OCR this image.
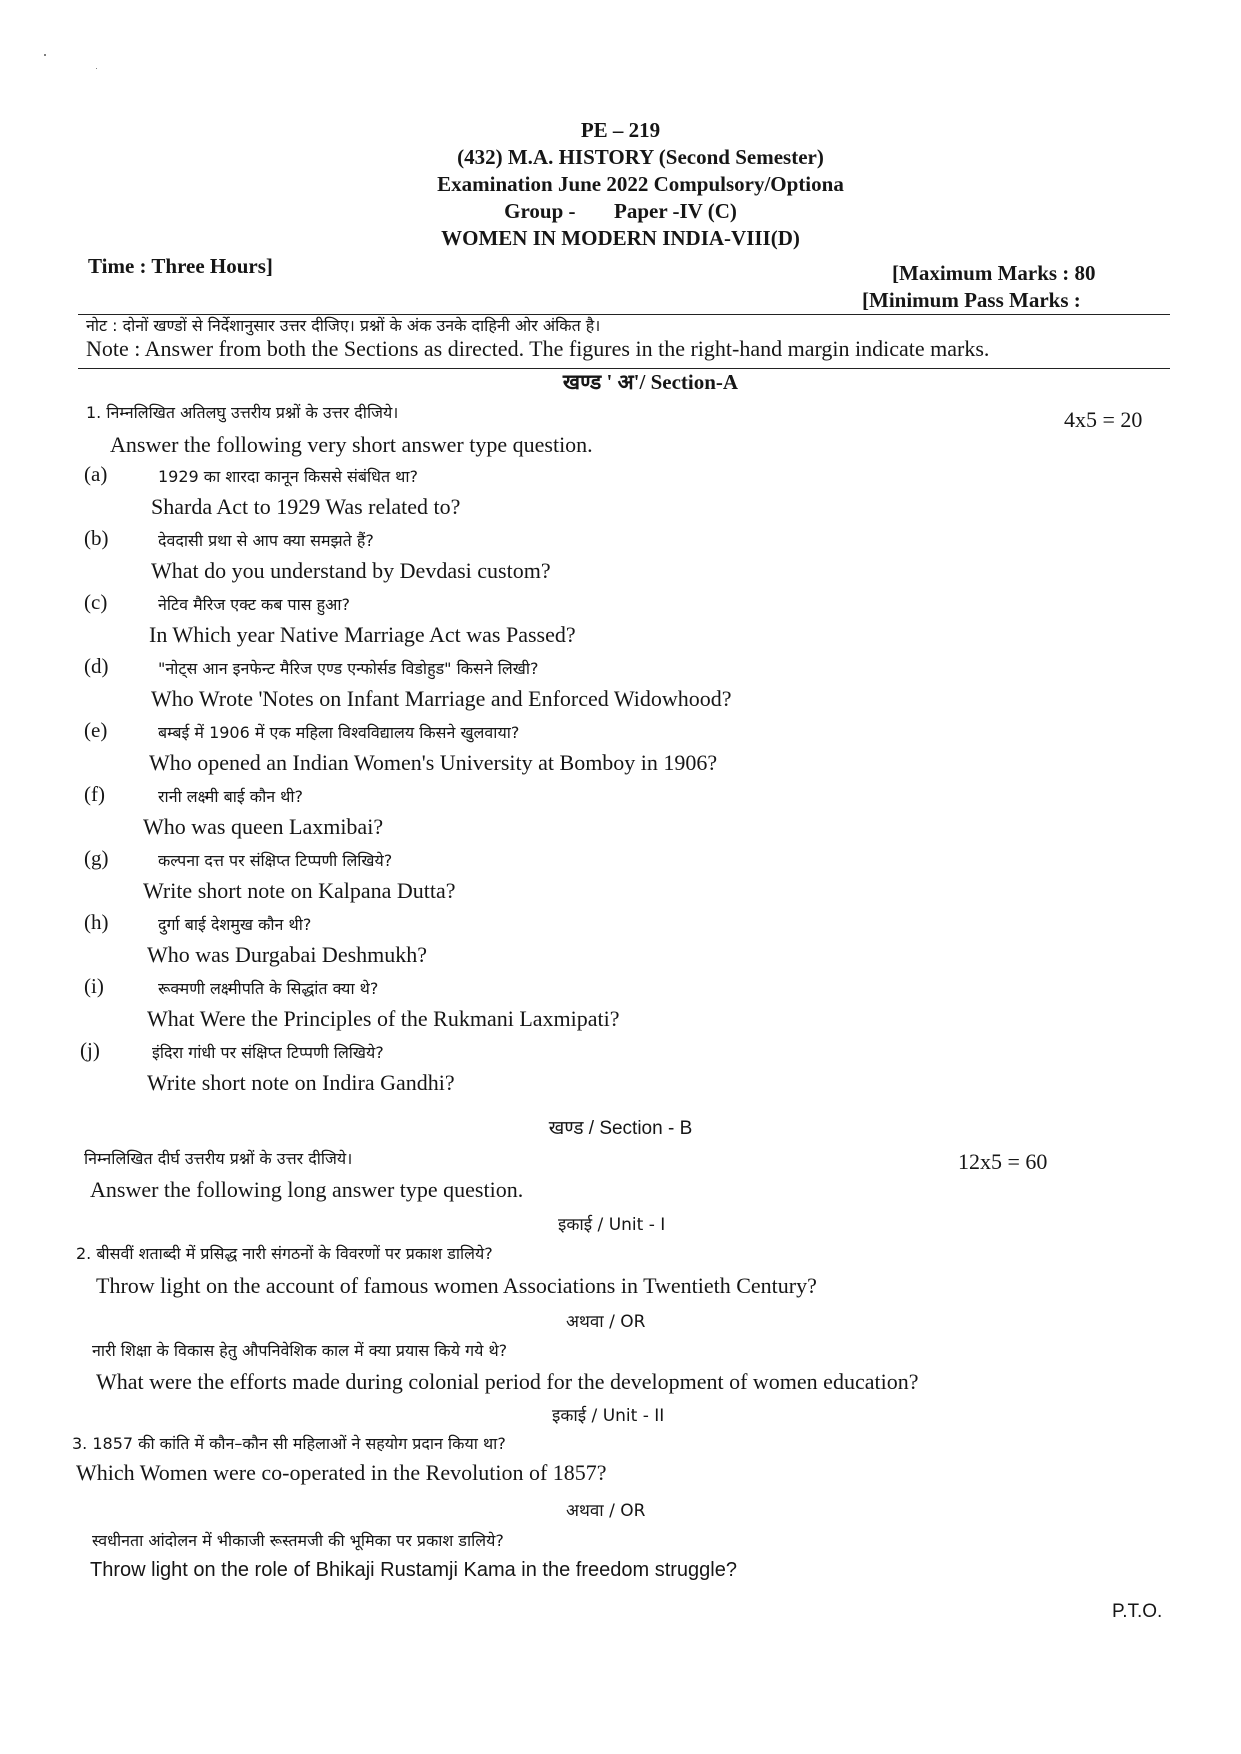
PE – 219
(432) M.A. HISTORY (Second Semester)
Examination June 2022 Compulsory/Optiona
Group - Paper -IV (C)
WOMEN IN MODERN INDIA-VIII(D)
Time : Three Hours]	[Maximum Marks : 80
[Minimum Pass Marks :
नोट : दोनों खण्डों से निर्देशानुसार उत्तर दीजिए। प्रश्नों के अंक उनके दाहिनी ओर अंकित है।
Note : Answer from both the Sections as directed. The figures in the right-hand margin indicate marks.
खण्ड ' अ'/ Section-A
1. निम्नलिखित अतिलघु उत्तरीय प्रश्नों के उत्तर दीजिये।	4x5 = 20
Answer the following very short answer type question.
(a)	1929 का शारदा कानून किससे संबंधित था?
Sharda Act to 1929 Was related to?
(b)	देवदासी प्रथा से आप क्या समझते हैं?
What do you understand by Devdasi custom?
(c)	नेटिव मैरिज एक्ट कब पास हुआ?
In Which year Native Marriage Act was Passed?
(d)	"नोट्स आन इनफेन्ट मैरिज एण्ड एन्फोर्सड विडोहुड" किसने लिखी?
Who Wrote 'Notes on Infant Marriage and Enforced Widowhood?
(e)	बम्बई में 1906 में एक महिला विश्वविद्यालय किसने खुलवाया?
Who opened an Indian Women's University at Bomboy in 1906?
(f)	रानी लक्ष्मी बाई कौन थी?
Who was queen Laxmibai?
(g)	कल्पना दत्त पर संक्षिप्त टिप्पणी लिखिये?
Write short note on Kalpana Dutta?
(h)	दुर्गा बाई देशमुख कौन थी?
Who was Durgabai Deshmukh?
(i)	रूक्मणी लक्ष्मीपति के सिद्धांत क्या थे?
What Were the Principles of the Rukmani Laxmipati?
(j)	इंदिरा गांधी पर संक्षिप्त टिप्पणी लिखिये?
Write short note on Indira Gandhi?
खण्ड / Section - B
निम्नलिखित दीर्घ उत्तरीय प्रश्नों के उत्तर दीजिये।	12x5 = 60
Answer the following long answer type question.
इकाई / Unit - I
2. बीसवीं शताब्दी में प्रसिद्ध नारी संगठनों के विवरणों पर प्रकाश डालिये?
Throw light on the account of famous women Associations in Twentieth Century?
अथवा / OR
नारी शिक्षा के विकास हेतु औपनिवेशिक काल में क्या प्रयास किये गये थे?
What were the efforts made during colonial period for the development of women education?
इकाई / Unit - II
3. 1857 की कांति में कौन–कौन सी महिलाओं ने सहयोग प्रदान किया था?
Which Women were co-operated in the Revolution of 1857?
अथवा / OR
स्वधीनता आंदोलन में भीकाजी रूस्तमजी की भूमिका पर प्रकाश डालिये?
Throw light on the role of Bhikaji Rustamji Kama in the freedom struggle?
P.T.O.
